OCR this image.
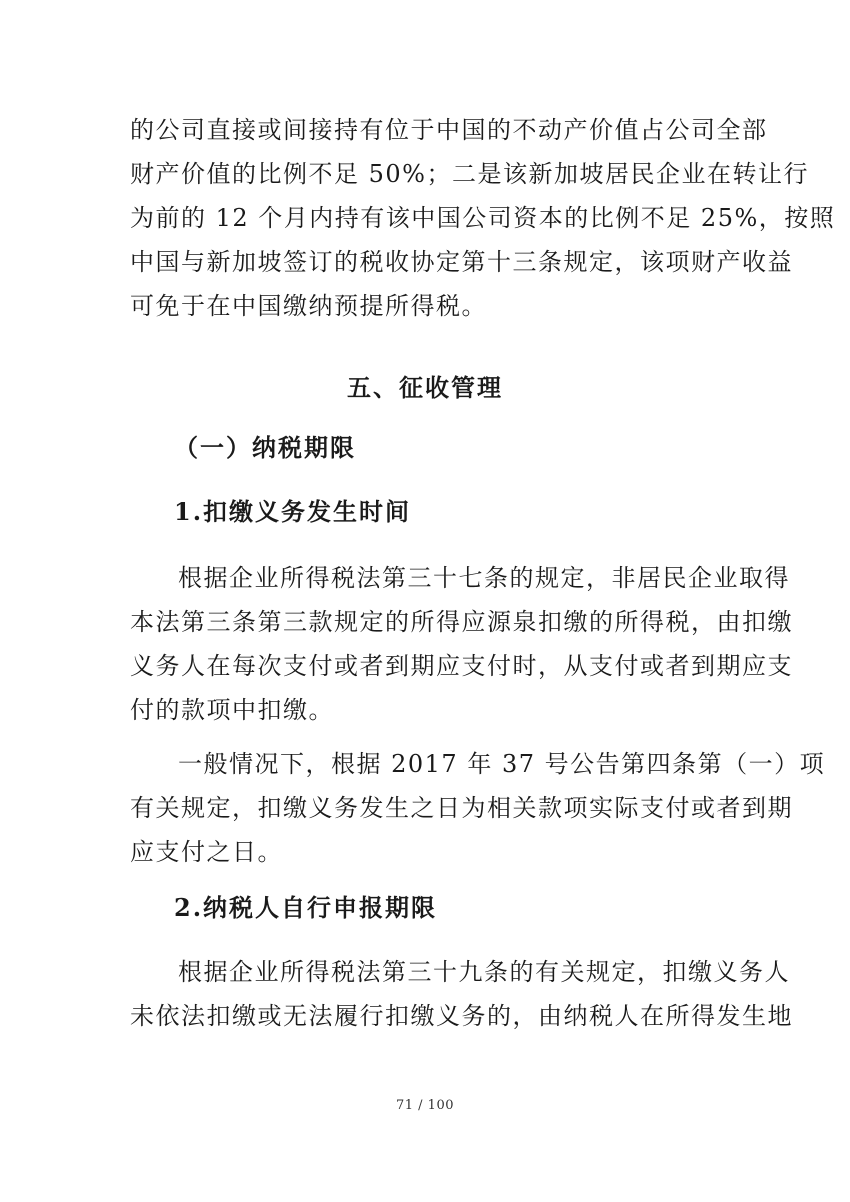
的公司直接或间接持有位于中国的不动产价值占公司全部
财产价值的比例不足 50%；二是该新加坡居民企业在转让行
为前的 12 个月内持有该中国公司资本的比例不足 25%，按照
中国与新加坡签订的税收协定第十三条规定，该项财产收益
可免于在中国缴纳预提所得税。
五、征收管理
（一）纳税期限
1.扣缴义务发生时间
根据企业所得税法第三十七条的规定，非居民企业取得
本法第三条第三款规定的所得应源泉扣缴的所得税，由扣缴
义务人在每次支付或者到期应支付时，从支付或者到期应支
付的款项中扣缴。
一般情况下，根据 2017 年 37 号公告第四条第（一）项
有关规定，扣缴义务发生之日为相关款项实际支付或者到期
应支付之日。
2.纳税人自行申报期限
根据企业所得税法第三十九条的有关规定，扣缴义务人
未依法扣缴或无法履行扣缴义务的，由纳税人在所得发生地
71 / 100
